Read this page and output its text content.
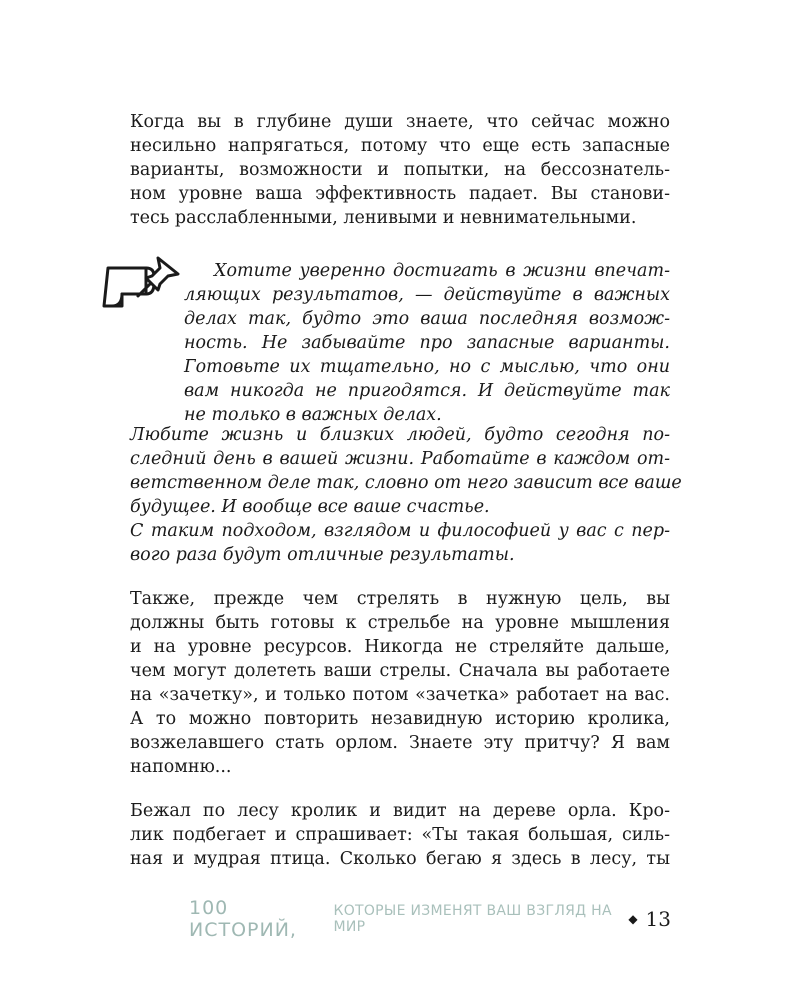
Когда вы в глубине души знаете, что сейчас можно
несильно напрягаться, потому что еще есть запасные
варианты, возможности и попытки, на бессознатель-
ном уровне ваша эффективность падает. Вы станови-
тесь расслабленными, ленивыми и невнимательными.
Хотите уверенно достигать в жизни впечат-
ляющих результатов, — действуйте в важных
делах так, будто это ваша последняя возмож-
ность. Не забывайте про запасные варианты.
Готовьте их тщательно, но с мыслью, что они
вам никогда не пригодятся. И действуйте так
не только в важных делах.
Любите жизнь и близких людей, будто сегодня по-
следний день в вашей жизни. Работайте в каждом от-
ветственном деле так, словно от него зависит все ваше
будущее. И вообще все ваше счастье.
С таким подходом, взглядом и философией у вас с пер-
вого раза будут отличные результаты.
Также, прежде чем стрелять в нужную цель, вы
должны быть готовы к стрельбе на уровне мышления
и на уровне ресурсов. Никогда не стреляйте дальше,
чем могут долететь ваши стрелы. Сначала вы работаете
на «зачетку», и только потом «зачетка» работает на вас.
А то можно повторить незавидную историю кролика,
возжелавшего стать орлом. Знаете эту притчу? Я вам
напомню...
Бежал по лесу кролик и видит на дереве орла. Кро-
лик подбегает и спрашивает: «Ты такая большая, силь-
ная и мудрая птица. Сколько бегаю я здесь в лесу, ты
100 ИСТОРИЙ,
КОТОРЫЕ ИЗМЕНЯТ ВАШ ВЗГЛЯД НА МИР	◆ 13
